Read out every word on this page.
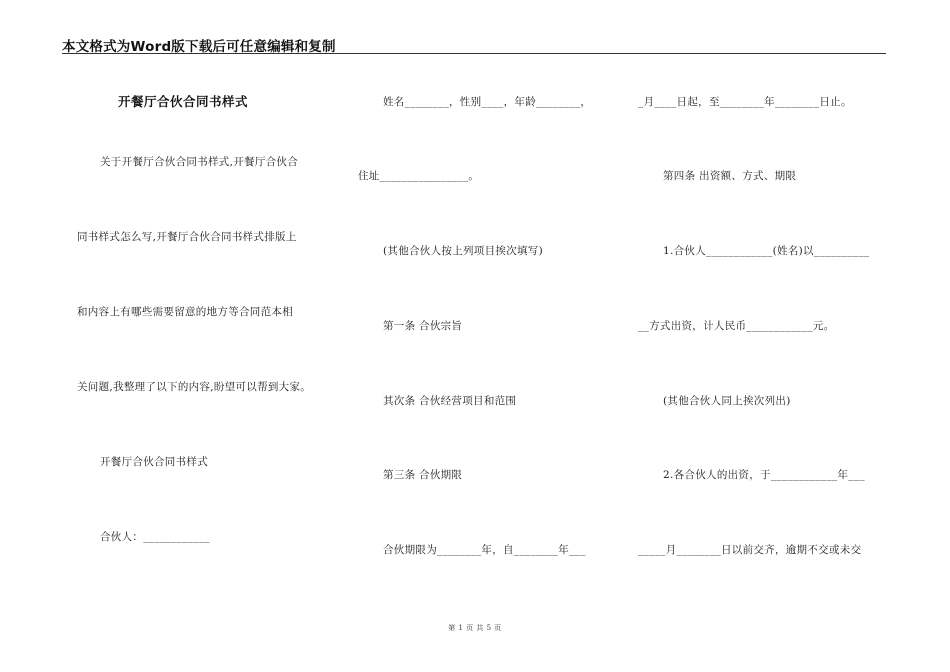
本文格式为Word版下载后可任意编辑和复制
开餐厅合伙合同书样式
关于开餐厅合伙合同书样式,开餐厅合伙合
同书样式怎么写,开餐厅合伙合同书样式排版上
和内容上有哪些需要留意的地方等合同范本相
关问题,我整理了以下的内容,盼望可以帮到大家。
开餐厅合伙合同书样式
合伙人：____________
姓名________，性别____，年龄________，
住址________________。
(其他合伙人按上列项目挨次填写)
第一条 合伙宗旨
其次条 合伙经营项目和范围
第三条 合伙期限
合伙期限为________年，自________年___
_月____日起，至________年________日止。
第四条 出资额、方式、期限
1.合伙人____________(姓名)以__________
__方式出资，计人民币____________元。
(其他合伙人同上挨次列出)
2.各合伙人的出资，于____________年___
_____月________日以前交齐，逾期不交或未交
第 1 页 共 5 页
